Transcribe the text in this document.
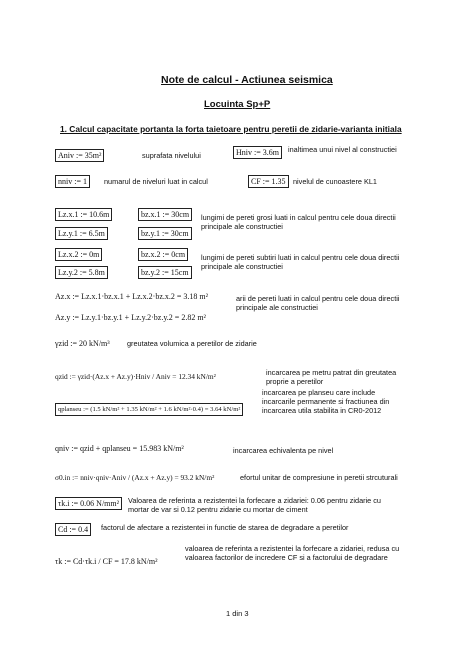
Note de calcul - Actiunea seismica
Locuinta Sp+P
1. Calcul capacitate portanta la forta taietoare pentru peretii de zidarie-varianta initiala
Aniv := 35m²	suprafata nivelului	Hniv := 3.6m	inaltimea unui nivel al constructiei
nniv := 1	numarul de niveluri luat in calcul	CF := 1.35	nivelul de cunoastere KL1
Lz.x.1 := 10.6m	bz.x.1 := 30cm
Lz.y.1 := 6.5m	bz.y.1 := 30cm
lungimi de pereti grosi luati in calcul pentru cele doua directii principale ale constructiei
Lz.x.2 := 0m	bz.x.2 := 0cm
Lz.y.2 := 5.8m	bz.y.2 := 15cm
lungimi de pereti subtiri luati in calcul pentru cele doua directii principale ale constructiei
Az.x := Lz.x.1·bz.x.1 + Lz.x.2·bz.x.2 = 3.18 m²
Az.y := Lz.y.1·bz.y.1 + Lz.y.2·bz.y.2 = 2.82 m²
arii de pereti luati in calcul pentru cele doua directii principale ale constructiei
γzid := 20 kN/m³ greutatea volumica a peretilor de zidarie
qzid := γzid·(Az.x + Az.y)·Hniv / Aniv = 12.34 kN/m²	incarcarea pe metru patrat din greutatea proprie a peretilor
qplanseu := (1.5 kN/m² + 1.35 kN/m² + 1.6 kN/m²·0.4) = 3.64 kN/m²
incarcarea pe planseu care include incarcarile permanente si fractiunea din incarcarea utila stabilita in CR0-2012
qniv := qzid + qplanseu = 15.983 kN/m²	incarcarea echivalenta pe nivel
σ0.in := nniv·qniv·Aniv / (Az.x + Az.y) = 93.2 kN/m²	efortul unitar de compresiune in peretii strcuturali
τk.i := 0.06 N/mm²	Valoarea de referinta a rezistentei la forfecare a zidariei: 0.06 pentru zidarie cu mortar de var si 0.12 pentru zidarie cu mortar de ciment
Cd := 0.4	factorul de afectare a rezistentei in functie de starea de degradare a peretilor
τk := Cd·τk.i / CF = 17.8 kN/m²
valoarea de referinta a rezistentei la forfecare a zidariei, redusa cu valoarea factorilor de incredere CF si a factorului de degradare
1 din 3
